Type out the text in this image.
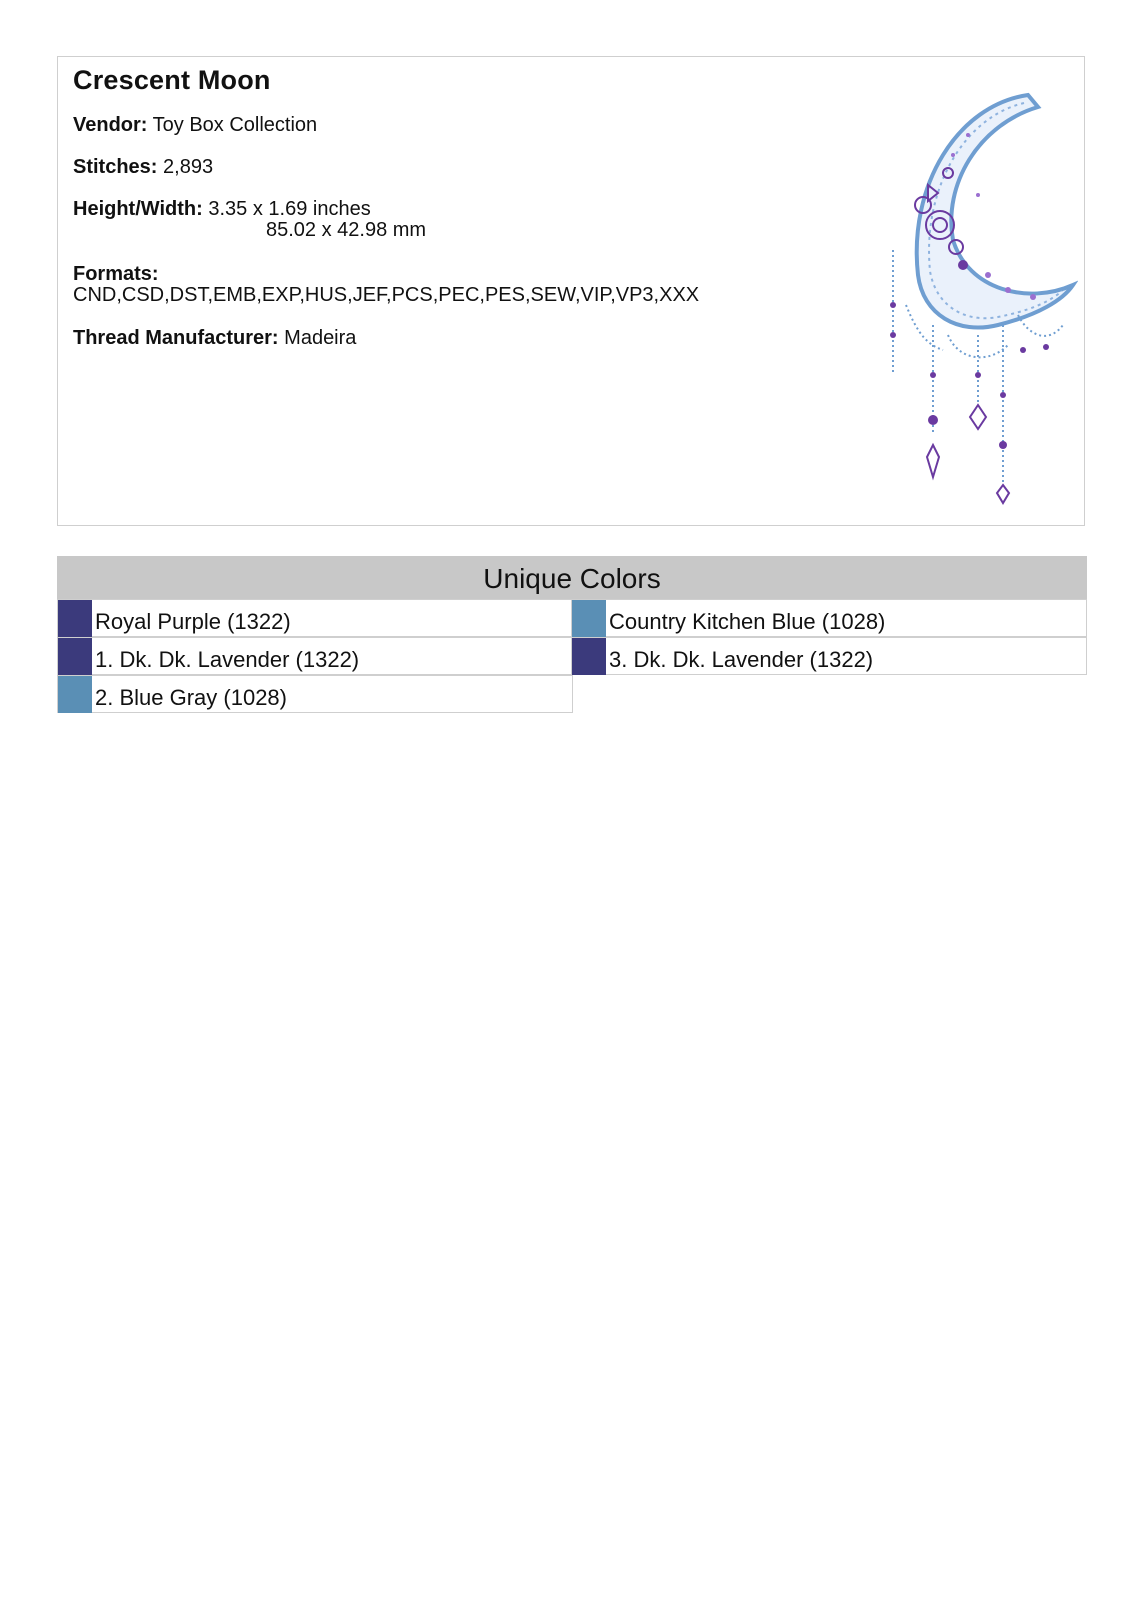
Crescent Moon
Vendor: Toy Box Collection
Stitches: 2,893
Height/Width: 3.35 x 1.69 inches
85.02 x 42.98 mm
Formats:
CND,CSD,DST,EMB,EXP,HUS,JEF,PCS,PEC,PES,SEW,VIP,VP3,XXX
Thread Manufacturer: Madeira
Unique Colors
Royal Purple (1322)	Country Kitchen Blue (1028)
1. Dk. Dk. Lavender (1322)	3. Dk. Dk. Lavender (1322)
2. Blue Gray (1028)
